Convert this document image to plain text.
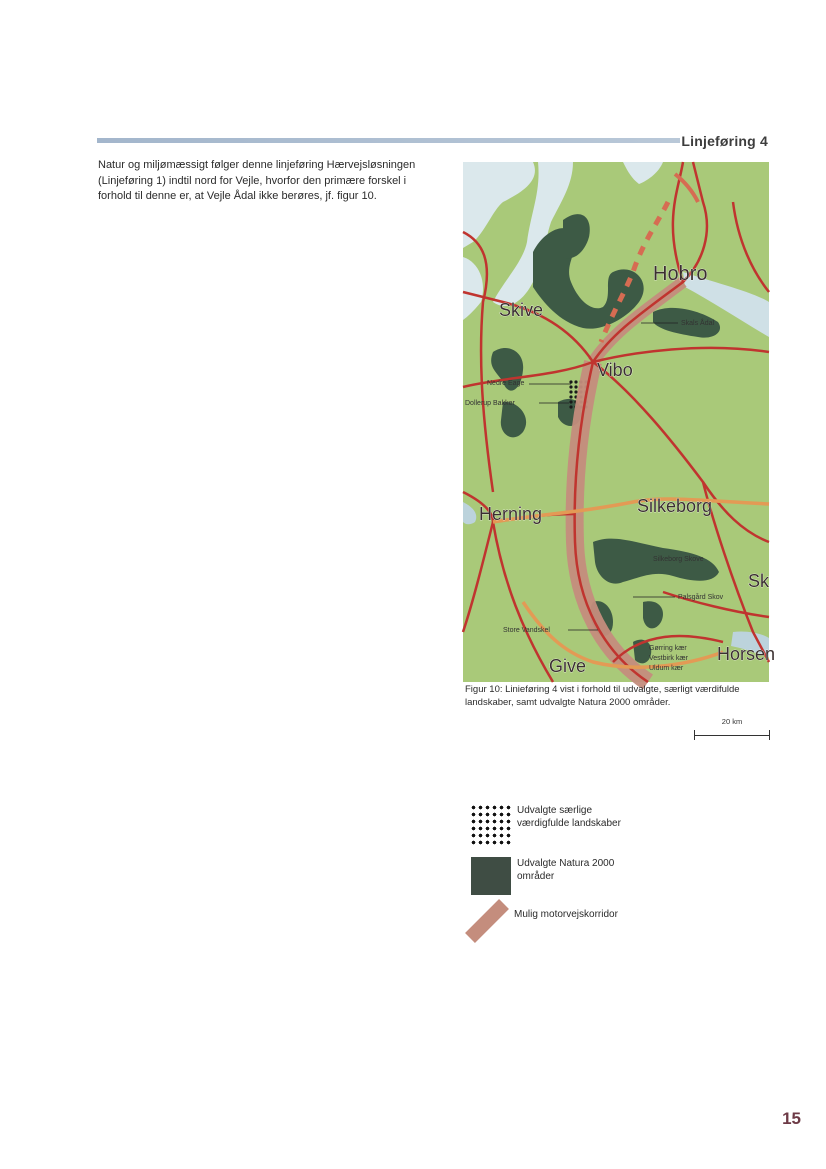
Linjeføring 4

Natur og miljømæssigt følger denne linjeføring Hærvejsløsningen (Linjeføring 1) indtil nord for Vejle, hvorfor den primære forskel i forhold til denne er, at Vejle Ådal ikke berøres, jf. figur 10.

Hobro
Skive
Vibo
Herning	Silkeborg
Give
Horsen
Sk
Skals Ådal
Nedre Eage
Dollerup Bakker
Silkeborg Skove
Palsgård Skov
Store Vandskel
Gørring kær
Vestbirk kær
Uldum kær

Figur 10: Linieføring 4 vist i forhold til udvalgte, særligt værdifulde landskaber, samt udvalgte Natura 2000 områder.

20 km
Udvalgte særlige værdigfulde landskaber
Udvalgte Natura 2000 områder
Mulig motorvejskorridor
15
